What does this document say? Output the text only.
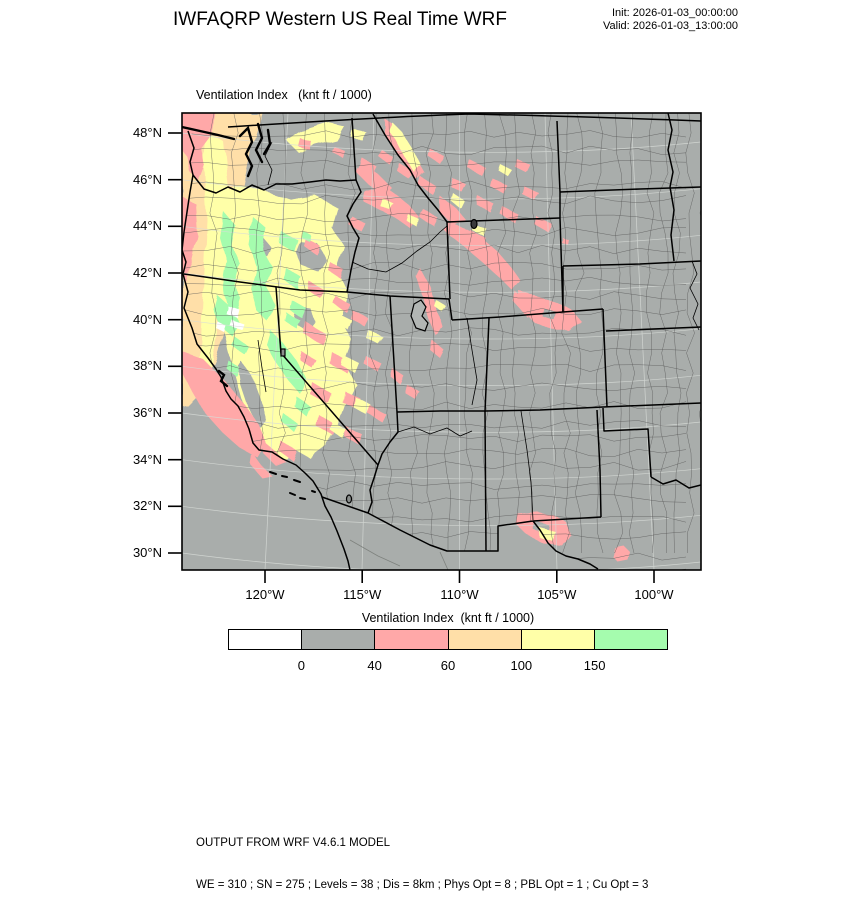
IWFAQRP Western US Real Time WRF	Init: 2026-01-03_00:00:00
Valid: 2026-01-03_13:00:00
Ventilation Index   (knt ft / 1000)
48°N
46°N
44°N
42°N
40°N
38°N
36°N
34°N
32°N
30°N
120°W	115°W	110°W	105°W	100°W
Ventilation Index  (knt ft / 1000)
0	40	60	100	150

OUTPUT FROM WRF V4.6.1 MODEL

WE = 310 ; SN = 275 ; Levels = 38 ; Dis = 8km ; Phys Opt = 8 ; PBL Opt = 1 ; Cu Opt = 3
